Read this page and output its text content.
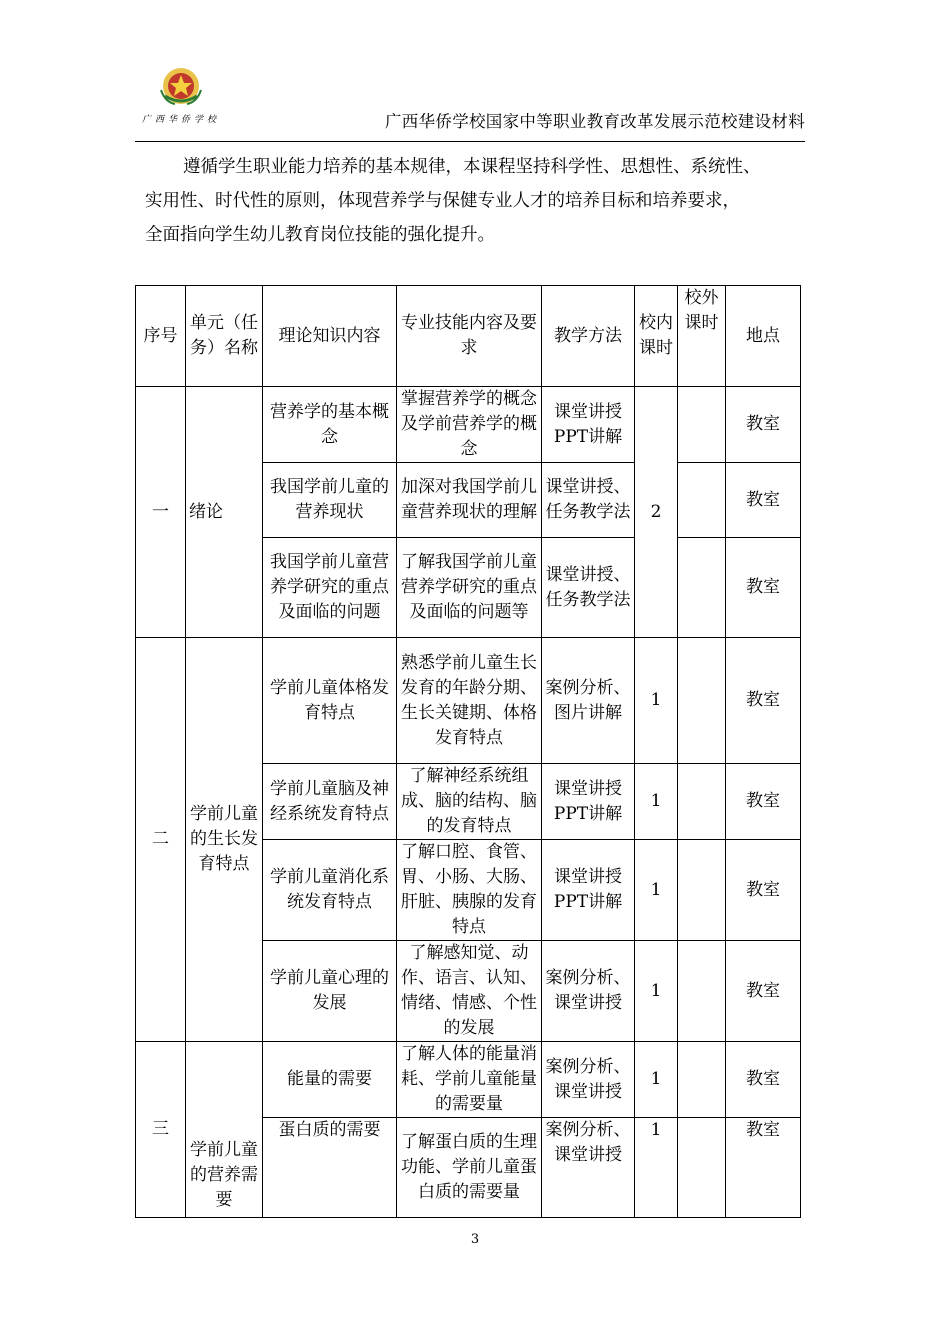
广西华侨学校	广西华侨学校国家中等职业教育改革发展示范校建设材料

遵循学生职业能力培养的基本规律，本课程坚持科学性、思想性、系统性、

实用性、时代性的原则，体现营养学与保健专业人才的培养目标和培养要求，

全面指向学生幼儿教育岗位技能的强化提升。

序号	单元（任务）名称	理论知识内容	专业技能内容及要求	教学方法	校内课时	校外课时	地点
一	绪论	营养学的基本概念	掌握营养学的概念及学前营养学的概念	课堂讲授PPT讲解	2		教室
		我国学前儿童的营养现状	加深对我国学前儿童营养现状的理解	课堂讲授、任务教学法			教室
		我国学前儿童营养学研究的重点及面临的问题	了解我国学前儿童营养学研究的重点及面临的问题等	课堂讲授、任务教学法			教室
二	学前儿童的生长发育特点	学前儿童体格发育特点	熟悉学前儿童生长发育的年龄分期、生长关键期、体格发育特点	案例分析、图片讲解	1		教室
		学前儿童脑及神经系统发育特点	了解神经系统组成、脑的结构、脑的发育特点	课堂讲授PPT讲解	1		教室
		学前儿童消化系统发育特点	了解口腔、食管、胃、小肠、大肠、肝脏、胰腺的发育特点	课堂讲授PPT讲解	1		教室
		学前儿童心理的发展	了解感知觉、动作、语言、认知、情绪、情感、个性的发展	案例分析、课堂讲授	1		教室
三	学前儿童的营养需要	能量的需要	了解人体的能量消耗、学前儿童能量的需要量	案例分析、课堂讲授	1		教室
		蛋白质的需要	了解蛋白质的生理功能、学前儿童蛋白质的需要量	案例分析、课堂讲授	1		教室
3
